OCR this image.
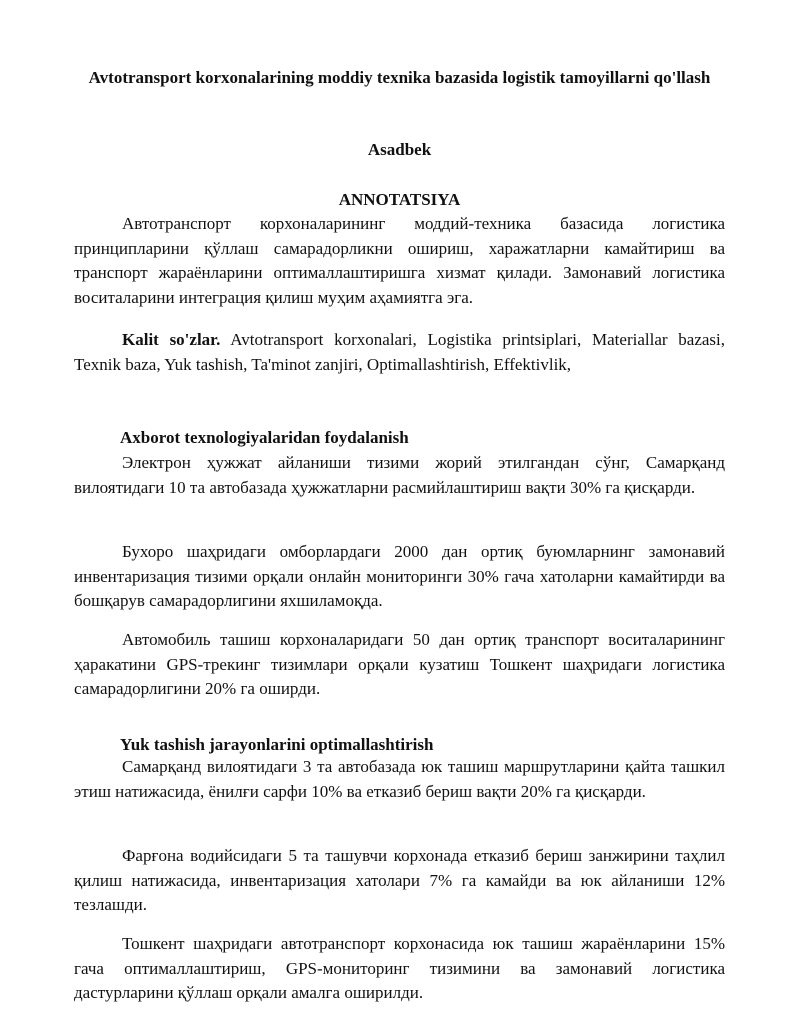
Avtotransport korxonalarining moddiy texnika bazasida logistik tamoyillarni qo'llash
Asadbek
ANNOTATSIYA

Автотранспорт корхоналарининг моддий-техника базасида логистика принципларини қўллаш самарадорликни ошириш, харажатларни камайтириш ва транспорт жараёнларини оптималлаштиришга хизмат қилади. Замонавий логистика воситаларини интеграция қилиш муҳим аҳамиятга эга.

Kalit so'zlar. Avtotransport korxonalari, Logistika printsiplari, Materiallar bazasi, Texnik baza, Yuk tashish, Ta'minot zanjiri, Optimallashtirish, Effektivlik,

Axborot texnologiyalaridan foydalanish

Электрон ҳужжат айланиши тизими жорий этилгандан сўнг, Самарқанд вилоятидаги 10 та автобазада ҳужжатларни расмийлаштириш вақти 30% га қисқарди.

Бухоро шаҳридаги омборлардаги 2000 дан ортиқ буюмларнинг замонавий инвентаризация тизими орқали онлайн мониторинги 30% гача хатоларни камайтирди ва бошқарув самарадорлигини яхшиламоқда.

Автомобиль ташиш корхоналаридаги 50 дан ортиқ транспорт воситаларининг ҳаракатини GPS-трекинг тизимлари орқали кузатиш Тошкент шаҳридаги логистика самарадорлигини 20% га оширди.

Yuk tashish jarayonlarini optimallashtirish

Самарқанд вилоятидаги 3 та автобазада юк ташиш маршрутларини қайта ташкил этиш натижасида, ёнилғи сарфи 10% ва етказиб бериш вақти 20% га қисқарди.

Фарғона водийсидаги 5 та ташувчи корхонада етказиб бериш занжирини таҳлил қилиш натижасида, инвентаризация хатолари 7% га камайди ва юк айланиши 12% тезлашди.

Тошкент шаҳридаги автотранспорт корхонасида юк ташиш жараёнларини 15% гача оптималлаштириш, GPS-мониторинг тизимини ва замонавий логистика дастурларини қўллаш орқали амалга оширилди.
